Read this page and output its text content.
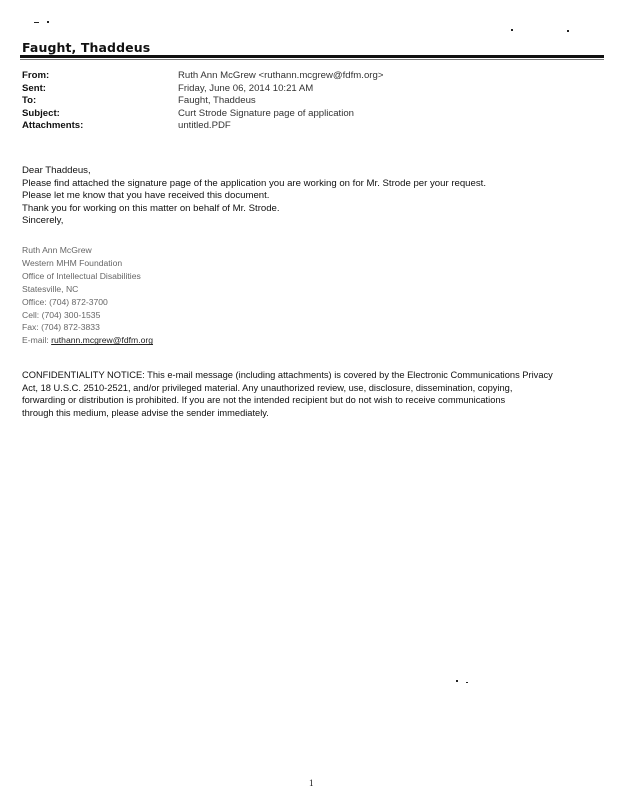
Faught, Thaddeus
From:	Ruth Ann McGrew <ruthann.mcgrew@fdfm.org>
Sent:	Friday, June 06, 2014 10:21 AM
To:	Faught, Thaddeus
Subject:	Curt Strode Signature page of application
Attachments:	untitled.PDF

Dear Thaddeus,

Please find attached the signature page of the application you are working on for Mr. Strode per your request.

Please let me know that you have received this document.

Thank you for working on this matter on behalf of Mr. Strode.

Sincerely,

Ruth Ann McGrew

Western MHM Foundation

Office of Intellectual Disabilities

Statesville, NC

Office: (704) 872-3700

Cell: (704) 300-1535

Fax: (704) 872-3833

E-mail: ruthann.mcgrew@fdfm.org

CONFIDENTIALITY NOTICE: This e-mail message (including attachments) is covered by the Electronic Communications Privacy

Act, 18 U.S.C. 2510-2521, and/or privileged material. Any unauthorized review, use, disclosure, dissemination, copying,

forwarding or distribution is prohibited. If you are not the intended recipient but do not wish to receive communications

through this medium, please advise the sender immediately.

1
